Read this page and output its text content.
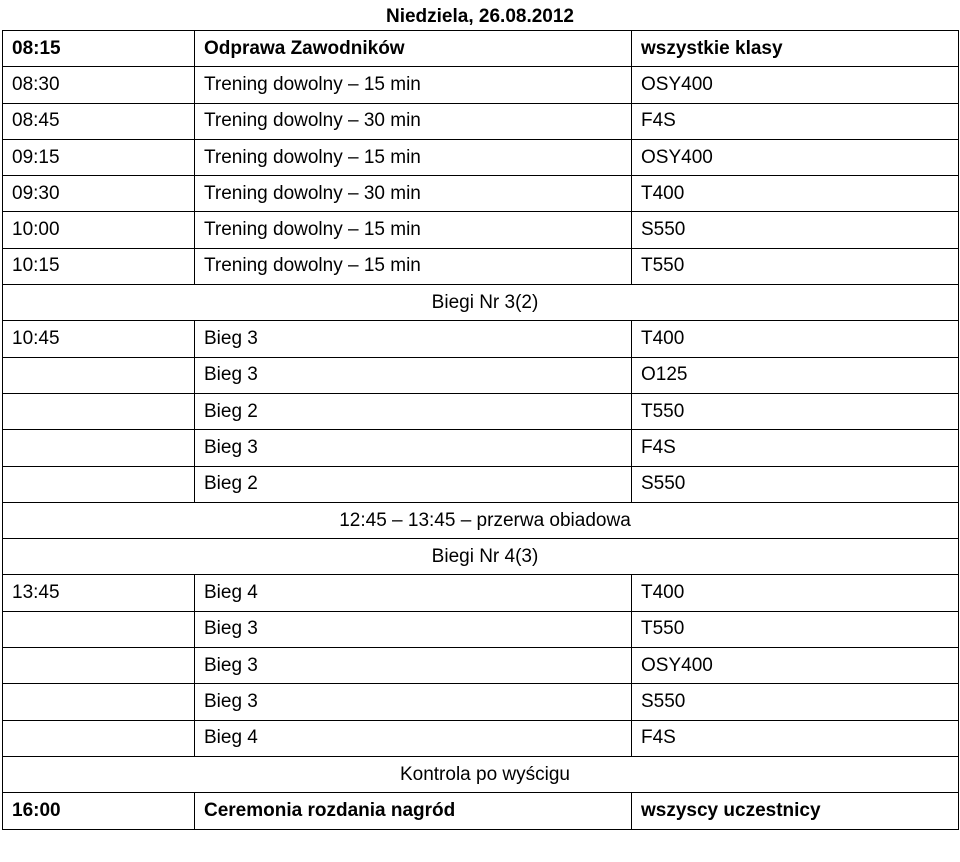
Niedziela, 26.08.2012
08:15	Odprawa Zawodników	wszystkie klasy
08:30	Trening dowolny – 15 min	OSY400
08:45	Trening dowolny – 30 min	F4S
09:15	Trening dowolny – 15 min	OSY400
09:30	Trening dowolny – 30 min	T400
10:00	Trening dowolny – 15 min	S550
10:15	Trening dowolny – 15 min	T550
Biegi Nr 3(2)		
10:45	Bieg 3	T400
	Bieg 3	O125
	Bieg 2	T550
	Bieg 3	F4S
	Bieg 2	S550
12:45 – 13:45 – przerwa obiadowa		
Biegi Nr 4(3)		
13:45	Bieg 4	T400
	Bieg 3	T550
	Bieg 3	OSY400
	Bieg 3	S550
	Bieg 4	F4S
Kontrola po wyścigu		
16:00	Ceremonia rozdania nagród	wszyscy uczestnicy
